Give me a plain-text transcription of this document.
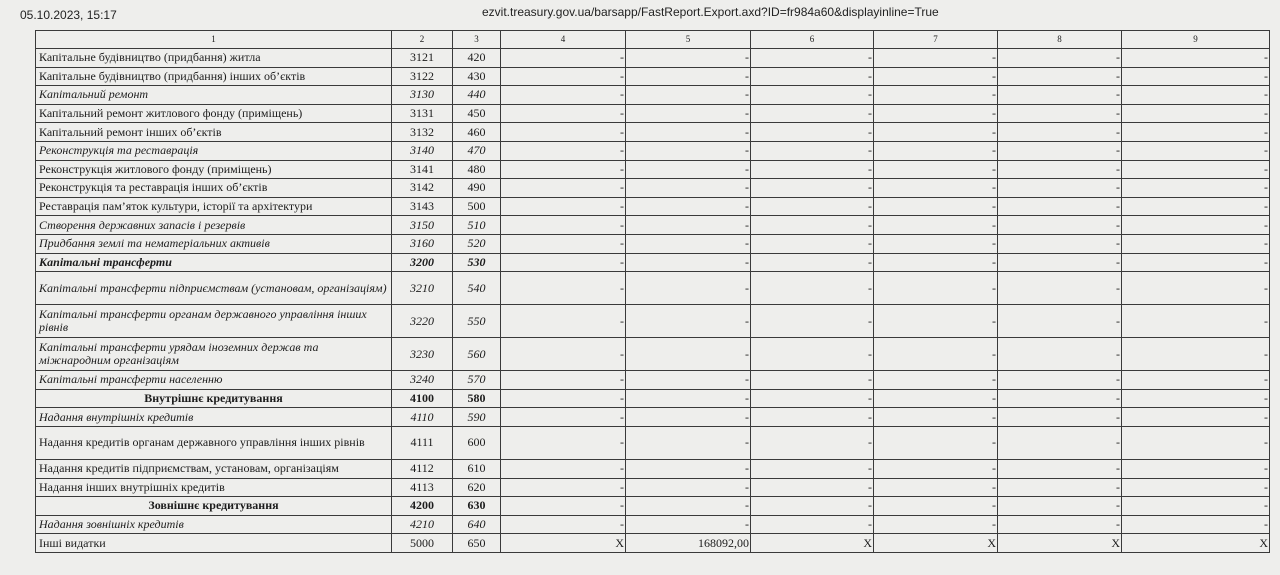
05.10.2023, 15:17	ezvit.treasury.gov.ua/barsapp/FastReport.Export.axd?ID=fr984a60&displayinline=True
1	2	3	4	5	6	7	8	9
Капітальне будівництво (придбання) житла	3121	420	-	-	-	-	-	-
Капітальне будівництво (придбання) інших об’єктів	3122	430	-	-	-	-	-	-
Капітальний ремонт	3130	440	-	-	-	-	-	-
Капітальний ремонт житлового фонду (приміщень)	3131	450	-	-	-	-	-	-
Капітальний ремонт інших об’єктів	3132	460	-	-	-	-	-	-
Реконструкція та реставрація	3140	470	-	-	-	-	-	-
Реконструкція житлового фонду (приміщень)	3141	480	-	-	-	-	-	-
Реконструкція та реставрація інших об’єктів	3142	490	-	-	-	-	-	-
Реставрація пам’яток культури, історії та архітектури	3143	500	-	-	-	-	-	-
Створення державних запасів і резервів	3150	510	-	-	-	-	-	-
Придбання землі та нематеріальних активів	3160	520	-	-	-	-	-	-
Капітальні трансферти	3200	530	-	-	-	-	-	-
Капітальні трансферти підприємствам (установам, організаціям)	3210	540	-	-	-	-	-	-
Капітальні трансферти органам державного управління інших рівнів	3220	550	-	-	-	-	-	-
Капітальні трансферти урядам іноземних держав та міжнародним організаціям	3230	560	-	-	-	-	-	-
Капітальні трансферти населенню	3240	570	-	-	-	-	-	-
Внутрішнє кредитування	4100	580	-	-	-	-	-	-
Надання внутрішніх кредитів	4110	590	-	-	-	-	-	-
Надання кредитів органам державного управління інших рівнів	4111	600	-	-	-	-	-	-
Надання кредитів підприємствам, установам, організаціям	4112	610	-	-	-	-	-	-
Надання інших внутрішніх кредитів	4113	620	-	-	-	-	-	-
Зовнішнє кредитування	4200	630	-	-	-	-	-	-
Надання зовнішніх кредитів	4210	640	-	-	-	-	-	-
Інші видатки	5000	650	X	168092,00	X	X	X	X
